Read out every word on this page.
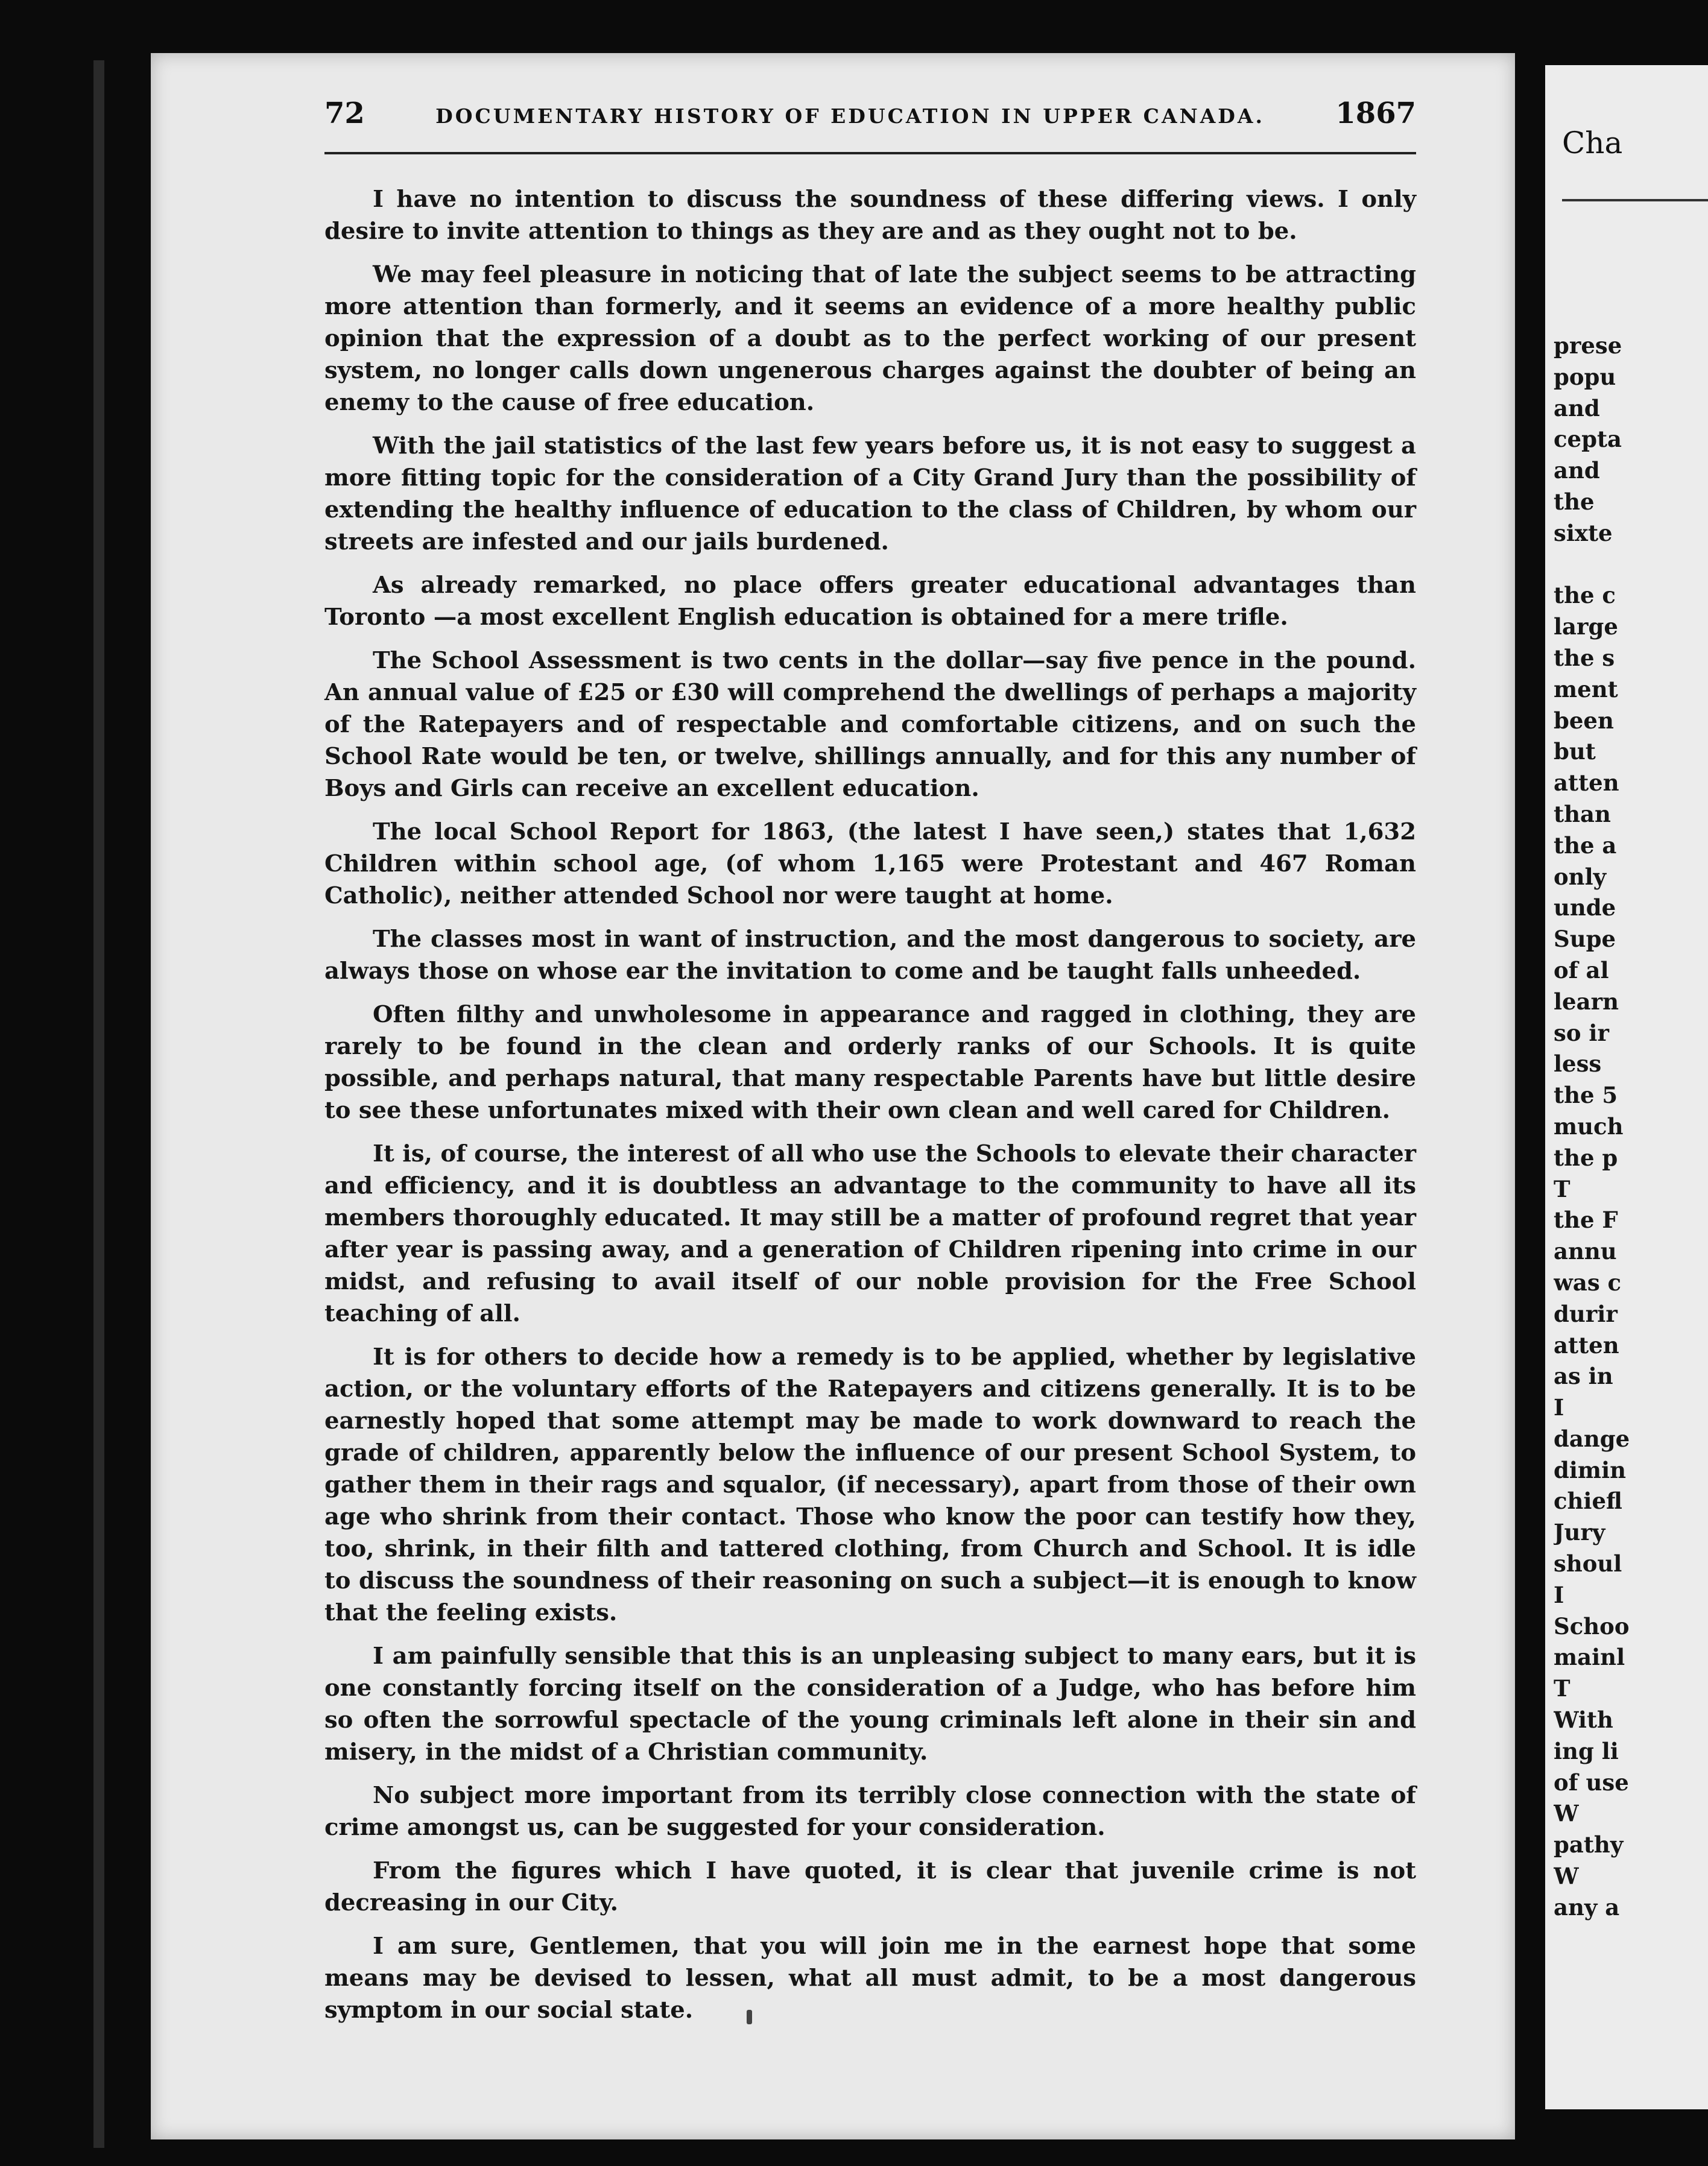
72	DOCUMENTARY HISTORY OF EDUCATION IN UPPER CANADA. 1867

I have no intention to discuss the soundness of these differing views. I only desire to invite attention to things as they are and as they ought not to be.

We may feel pleasure in noticing that of late the subject seems to be attracting more attention than formerly, and it seems an evidence of a more healthy public opinion that the expression of a doubt as to the perfect working of our present system, no longer calls down ungenerous charges against the doubter of being an enemy to the cause of free education.

With the jail statistics of the last few years before us, it is not easy to suggest a more fitting topic for the consideration of a City Grand Jury than the possibility of extending the healthy influence of education to the class of Children, by whom our streets are infested and our jails burdened.

As already remarked, no place offers greater educational advantages than Toronto —a most excellent English education is obtained for a mere trifle.

The School Assessment is two cents in the dollar—say five pence in the pound. An annual value of £25 or £30 will comprehend the dwellings of perhaps a majority of the Ratepayers and of respectable and comfortable citizens, and on such the School Rate would be ten, or twelve, shillings annually, and for this any number of Boys and Girls can receive an excellent education.

The local School Report for 1863, (the latest I have seen,) states that 1,632 Children within school age, (of whom 1,165 were Protestant and 467 Roman Catholic), neither attended School nor were taught at home.

The classes most in want of instruction, and the most dangerous to society, are always those on whose ear the invitation to come and be taught falls unheeded.

Often filthy and unwholesome in appearance and ragged in clothing, they are rarely to be found in the clean and orderly ranks of our Schools. It is quite possible, and perhaps natural, that many respectable Parents have but little desire to see these unfortunates mixed with their own clean and well cared for Children.

It is, of course, the interest of all who use the Schools to elevate their character and efficiency, and it is doubtless an advantage to the community to have all its members thoroughly educated. It may still be a matter of profound regret that year after year is passing away, and a generation of Children ripening into crime in our midst, and refusing to avail itself of our noble provision for the Free School teaching of all.

It is for others to decide how a remedy is to be applied, whether by legislative action, or the voluntary efforts of the Ratepayers and citizens generally. It is to be earnestly hoped that some attempt may be made to work downward to reach the grade of children, apparently below the influence of our present School System, to gather them in their rags and squalor, (if necessary), apart from those of their own age who shrink from their contact. Those who know the poor can testify how they, too, shrink, in their filth and tattered clothing, from Church and School. It is idle to discuss the soundness of their reasoning on such a subject—it is enough to know that the feeling exists.

I am painfully sensible that this is an unpleasing subject to many ears, but it is one constantly forcing itself on the consideration of a Judge, who has before him so often the sorrowful spectacle of the young criminals left alone in their sin and misery, in the midst of a Christian community.

No subject more important from its terribly close connection with the state of crime amongst us, can be suggested for your consideration.

From the figures which I have quoted, it is clear that juvenile crime is not decreasing in our City.

I am sure, Gentlemen, that you will join me in the earnest hope that some means may be devised to lessen, what all must admit, to be a most dangerous symptom in our social state.

Cha
prese
popu
and
cepta
and
the
sixte
the c
large
the s
ment
been
but
atten
than
the a
only
unde
Supe
of al
learn
so ir
less
the 5
much
the p
T
the F
annu
was c
durir
atten
as in
I
dange
dimin
chiefl
Jury
shoul
I
Schoo
mainl
T
With
ing li
of use
W
pathy
W
any a
